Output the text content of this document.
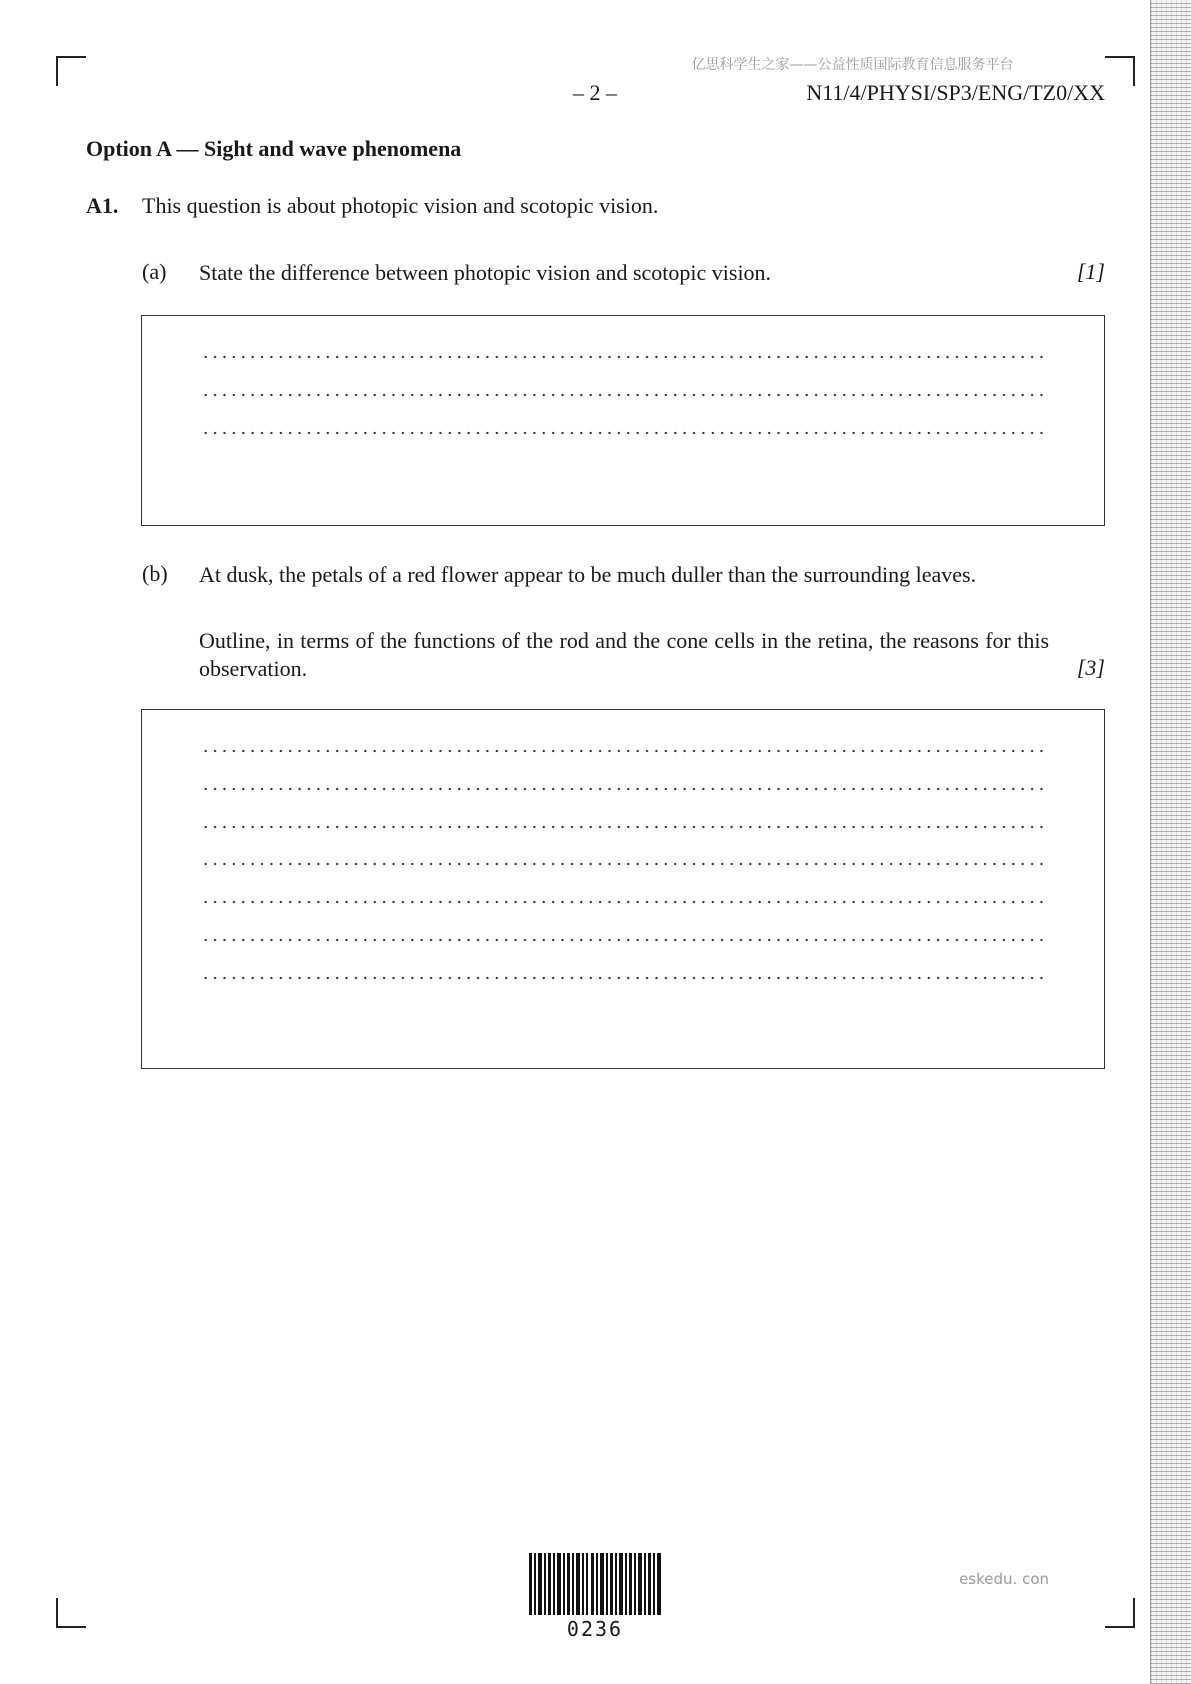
亿思科学生之家——公益性质国际教育信息服务平台
– 2 –	N11/4/PHYSI/SP3/ENG/TZ0/XX
Option A — Sight and wave phenomena
A1. This question is about photopic vision and scotopic vision.
(a) State the difference between photopic vision and scotopic vision.	[1]
(b) At dusk, the petals of a red flower appear to be much duller than the surrounding leaves.
Outline, in terms of the functions of the rod and the cone cells in the retina, the reasons for this observation.	[3]
0236
eskedu. con
